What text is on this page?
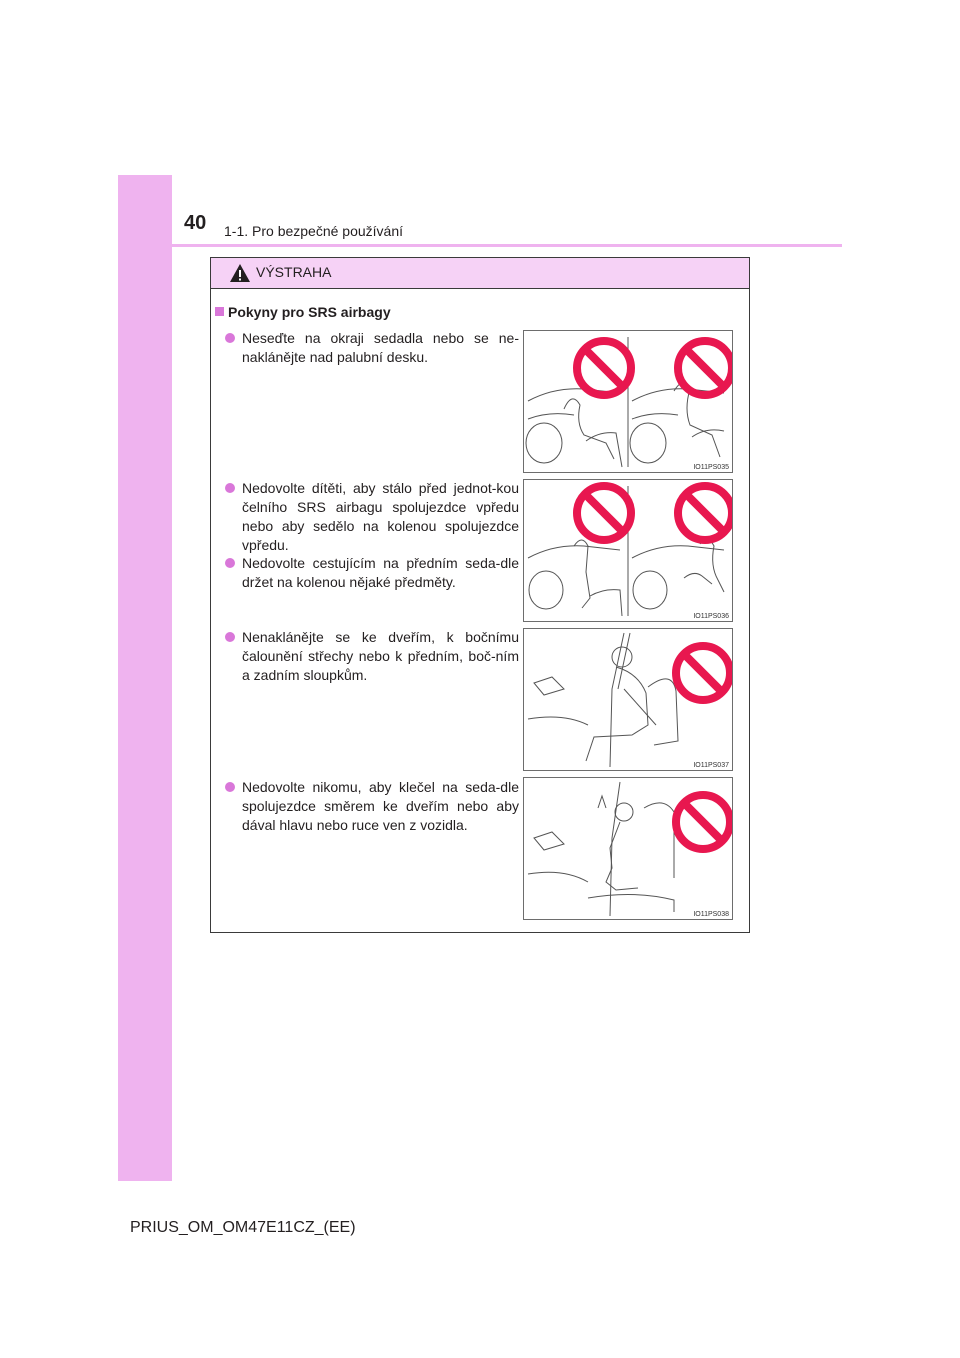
40 1-1. Pro bezpečné používání
VÝSTRAHA
Pokyny pro SRS airbagy
Neseďte na okraji sedadla nebo se ne-naklánějte nad palubní desku.
Nedovolte dítěti, aby stálo před jednot-kou čelního SRS airbagu spolujezdce vpředu nebo aby sedělo na kolenou spolujezdce vpředu.
Nedovolte cestujícím na předním seda-dle držet na kolenou nějaké předměty.
Nenaklánějte se ke dveřím, k bočnímu čalounění střechy nebo k předním, boč-ním a zadním sloupkům.
Nedovolte nikomu, aby klečel na seda-dle spolujezdce směrem ke dveřím nebo aby dával hlavu nebo ruce ven z vozidla.
IO11PS035
IO11PS036
IO11PS037
IO11PS038
PRIUS_OM_OM47E11CZ_(EE)
